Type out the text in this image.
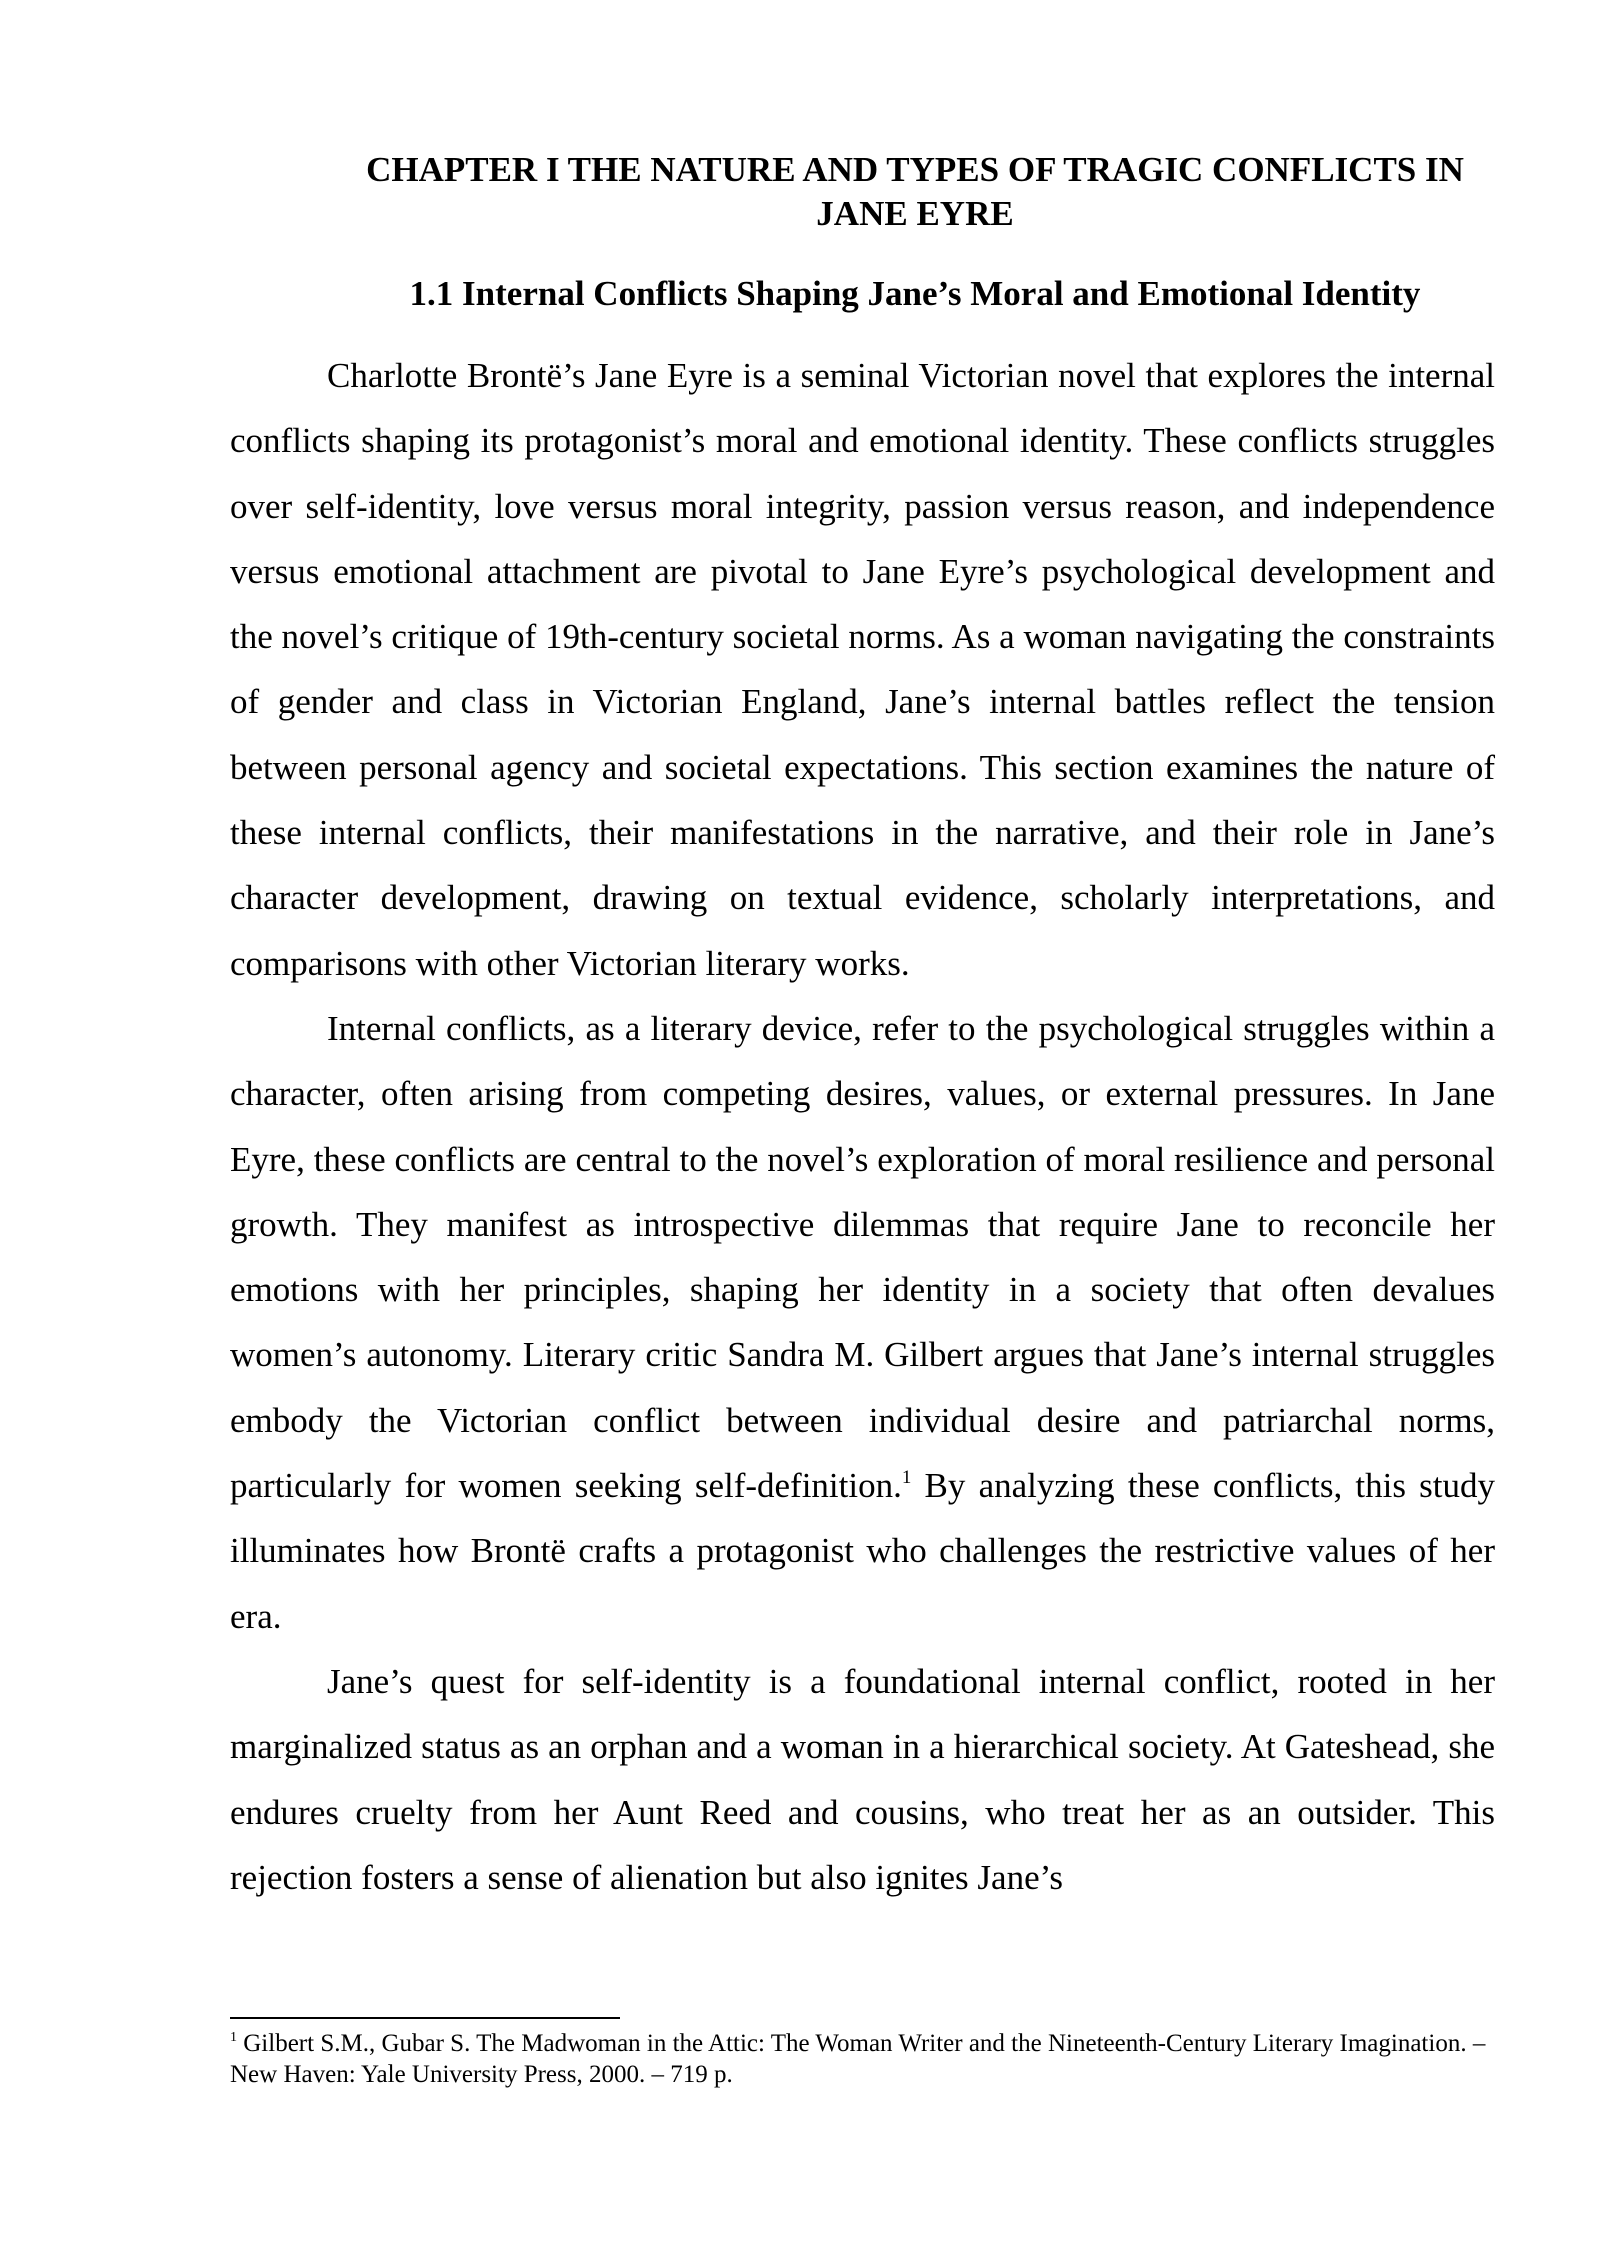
CHAPTER I THE NATURE AND TYPES OF TRAGIC CONFLICTS IN JANE EYRE
1.1 Internal Conflicts Shaping Jane’s Moral and Emotional Identity

Charlotte Brontë’s Jane Eyre is a seminal Victorian novel that explores the internal conflicts shaping its protagonist’s moral and emotional identity. These conflicts struggles over self-identity, love versus moral integrity, passion versus reason, and independence versus emotional attachment are pivotal to Jane Eyre’s psychological development and the novel’s critique of 19th-century societal norms. As a woman navigating the constraints of gender and class in Victorian England, Jane’s internal battles reflect the tension between personal agency and societal expectations. This section examines the nature of these internal conflicts, their manifestations in the narrative, and their role in Jane’s character development, drawing on textual evidence, scholarly interpretations, and comparisons with other Victorian literary works.

Internal conflicts, as a literary device, refer to the psychological struggles within a character, often arising from competing desires, values, or external pressures. In Jane Eyre, these conflicts are central to the novel’s exploration of moral resilience and personal growth. They manifest as introspective dilemmas that require Jane to reconcile her emotions with her principles, shaping her identity in a society that often devalues women’s autonomy. Literary critic Sandra M. Gilbert argues that Jane’s internal struggles embody the Victorian conflict between individual desire and patriarchal norms, particularly for women seeking self-definition.$^1$ By analyzing these conflicts, this study illuminates how Brontë crafts a protagonist who challenges the restrictive values of her era.

Jane’s quest for self-identity is a foundational internal conflict, rooted in her marginalized status as an orphan and a woman in a hierarchical society. At Gateshead, she endures cruelty from her Aunt Reed and cousins, who treat her as an outsider. This rejection fosters a sense of alienation but also ignites Jane’s

$^1$ Gilbert S.M., Gubar S. The Madwoman in the Attic: The Woman Writer and the Nineteenth-Century Literary Imagination. – New Haven: Yale University Press, 2000. – 719 p.
